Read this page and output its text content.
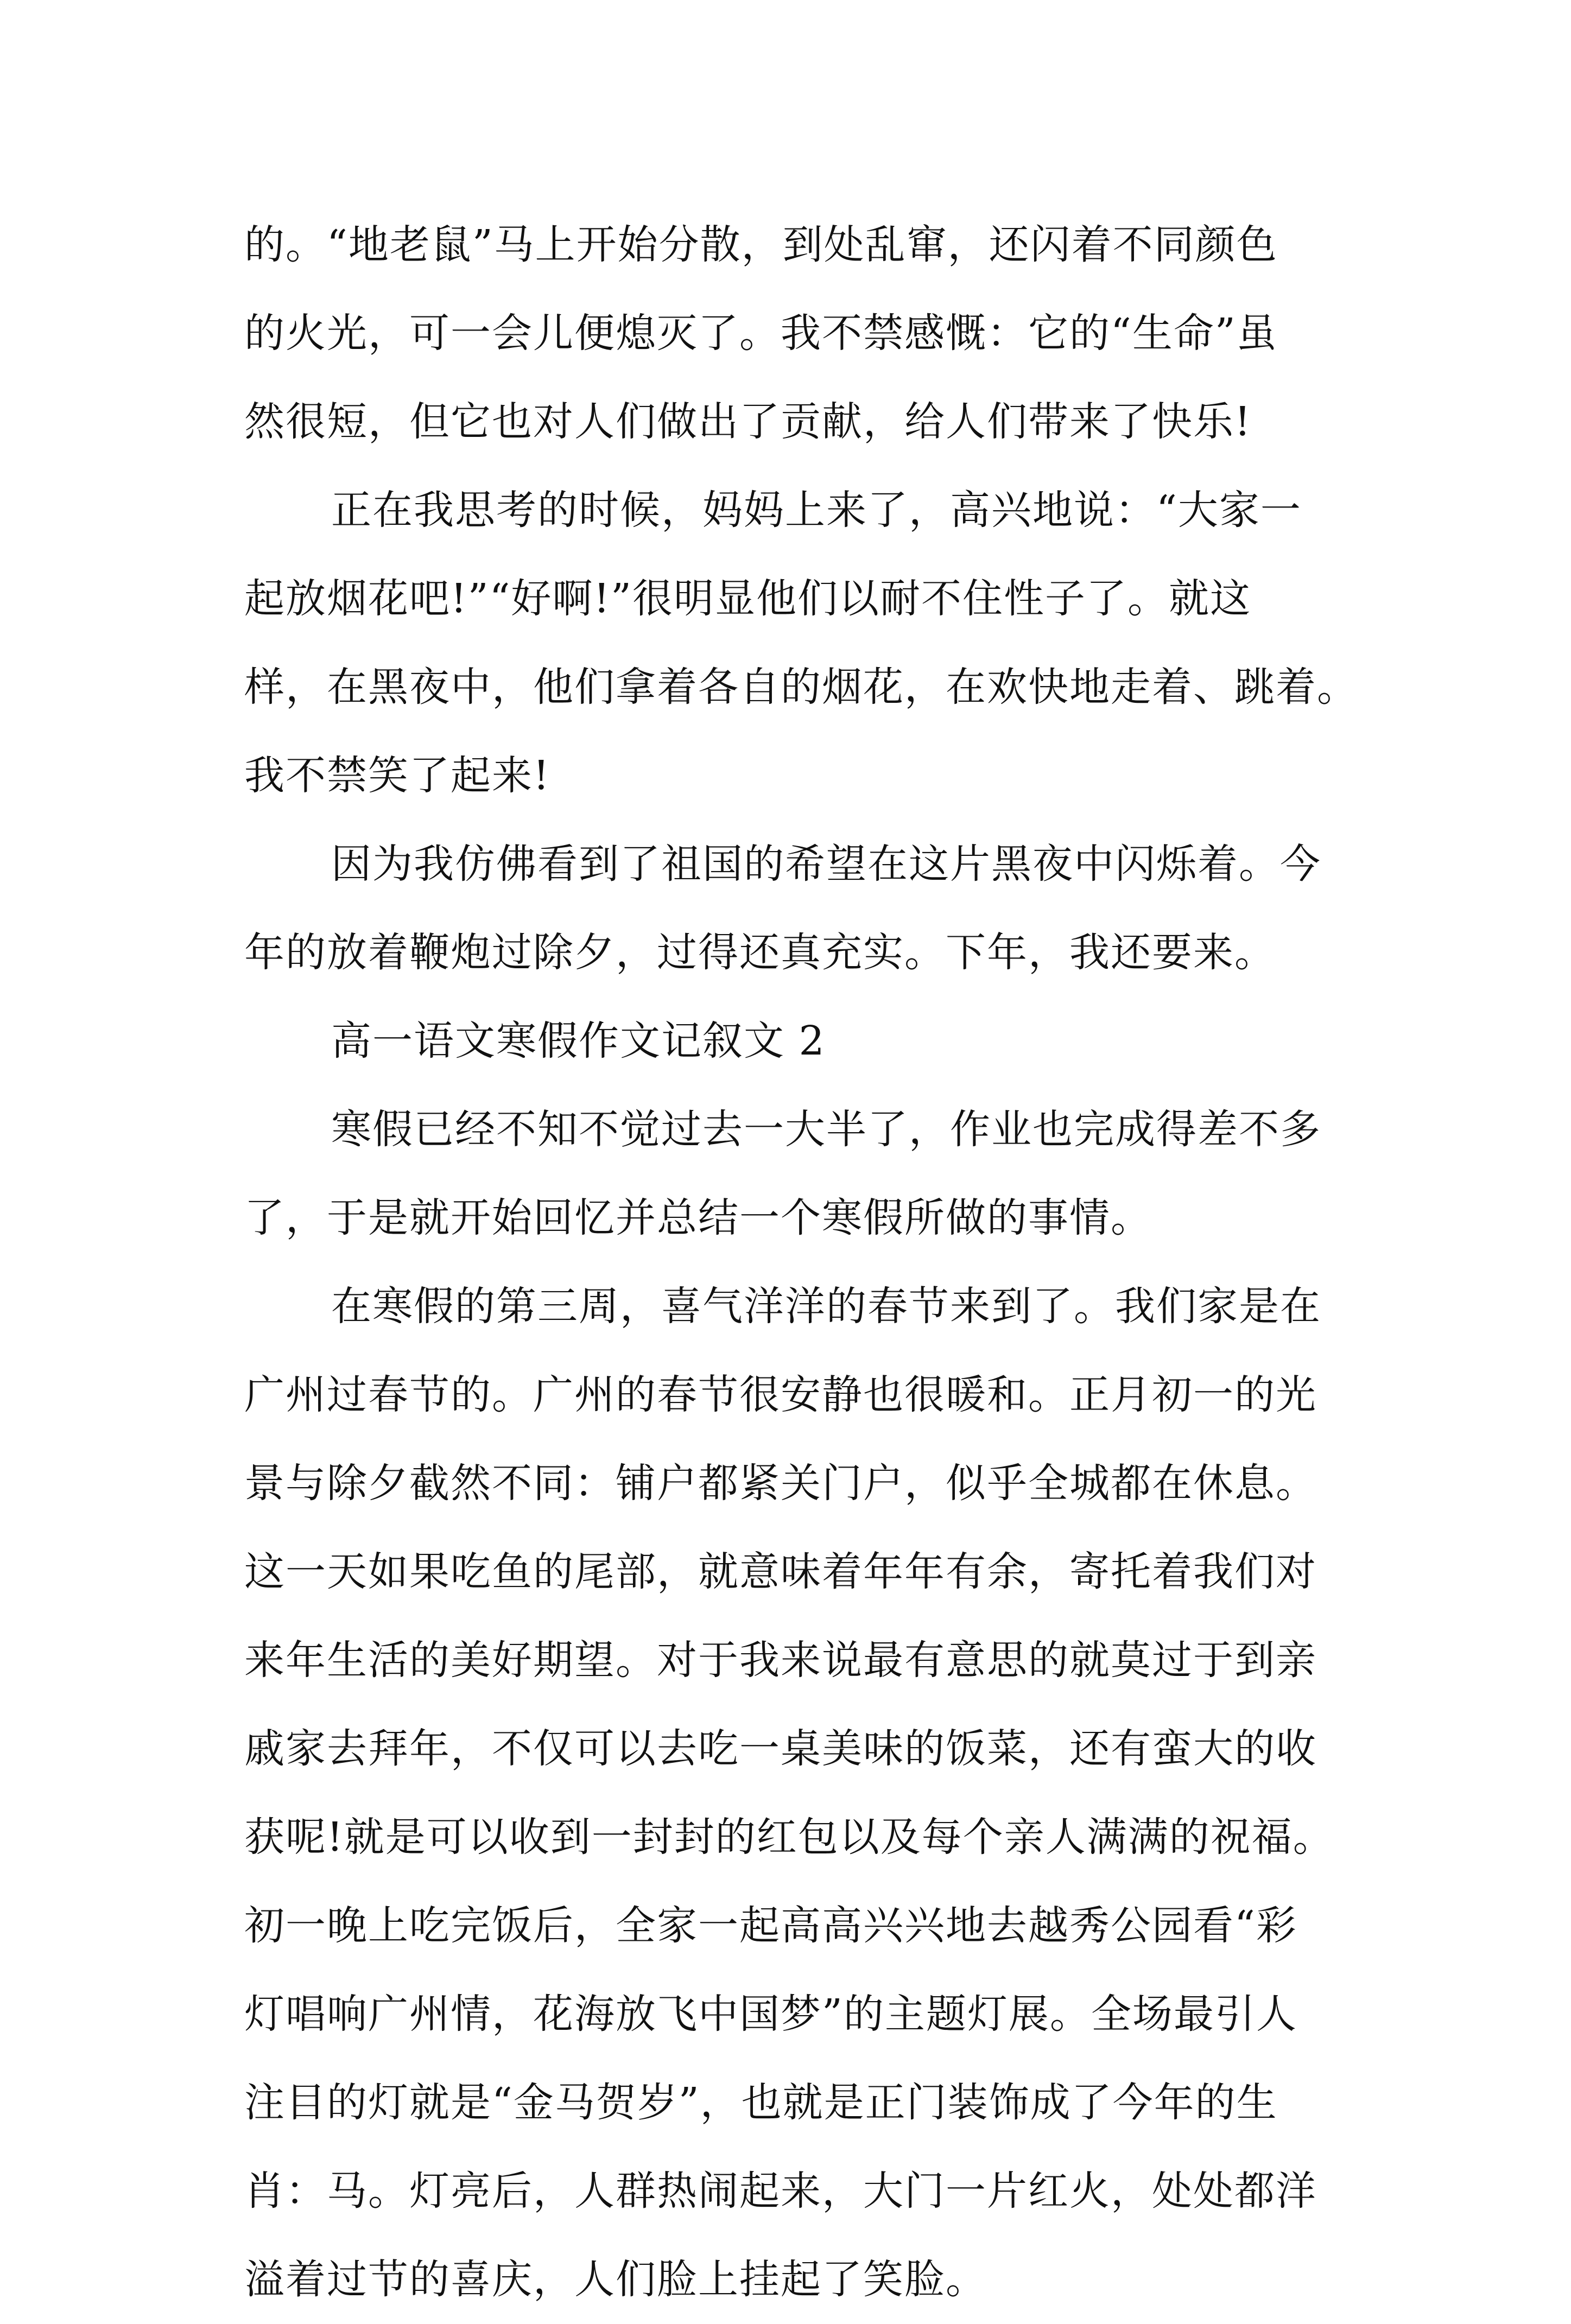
的。“地老鼠”马上开始分散，到处乱窜，还闪着不同颜色
的火光，可一会儿便熄灭了。我不禁感慨：它的“生命”虽
然很短，但它也对人们做出了贡献，给人们带来了快乐!
正在我思考的时候，妈妈上来了，高兴地说：“大家一
起放烟花吧!”“好啊!”很明显他们以耐不住性子了。就这
样，在黑夜中，他们拿着各自的烟花，在欢快地走着、跳着。
我不禁笑了起来!
因为我仿佛看到了祖国的希望在这片黑夜中闪烁着。今
年的放着鞭炮过除夕，过得还真充实。下年，我还要来。
高一语文寒假作文记叙文 2
寒假已经不知不觉过去一大半了，作业也完成得差不多
了，于是就开始回忆并总结一个寒假所做的事情。
在寒假的第三周，喜气洋洋的春节来到了。我们家是在
广州过春节的。广州的春节很安静也很暖和。正月初一的光
景与除夕截然不同：铺户都紧关门户，似乎全城都在休息。
这一天如果吃鱼的尾部，就意味着年年有余，寄托着我们对
来年生活的美好期望。对于我来说最有意思的就莫过于到亲
戚家去拜年，不仅可以去吃一桌美味的饭菜，还有蛮大的收
获呢!就是可以收到一封封的红包以及每个亲人满满的祝福。
初一晚上吃完饭后，全家一起高高兴兴地去越秀公园看“彩
灯唱响广州情，花海放飞中国梦”的主题灯展。全场最引人
注目的灯就是“金马贺岁”，也就是正门装饰成了今年的生
肖：马。灯亮后，人群热闹起来，大门一片红火，处处都洋
溢着过节的喜庆，人们脸上挂起了笑脸。
